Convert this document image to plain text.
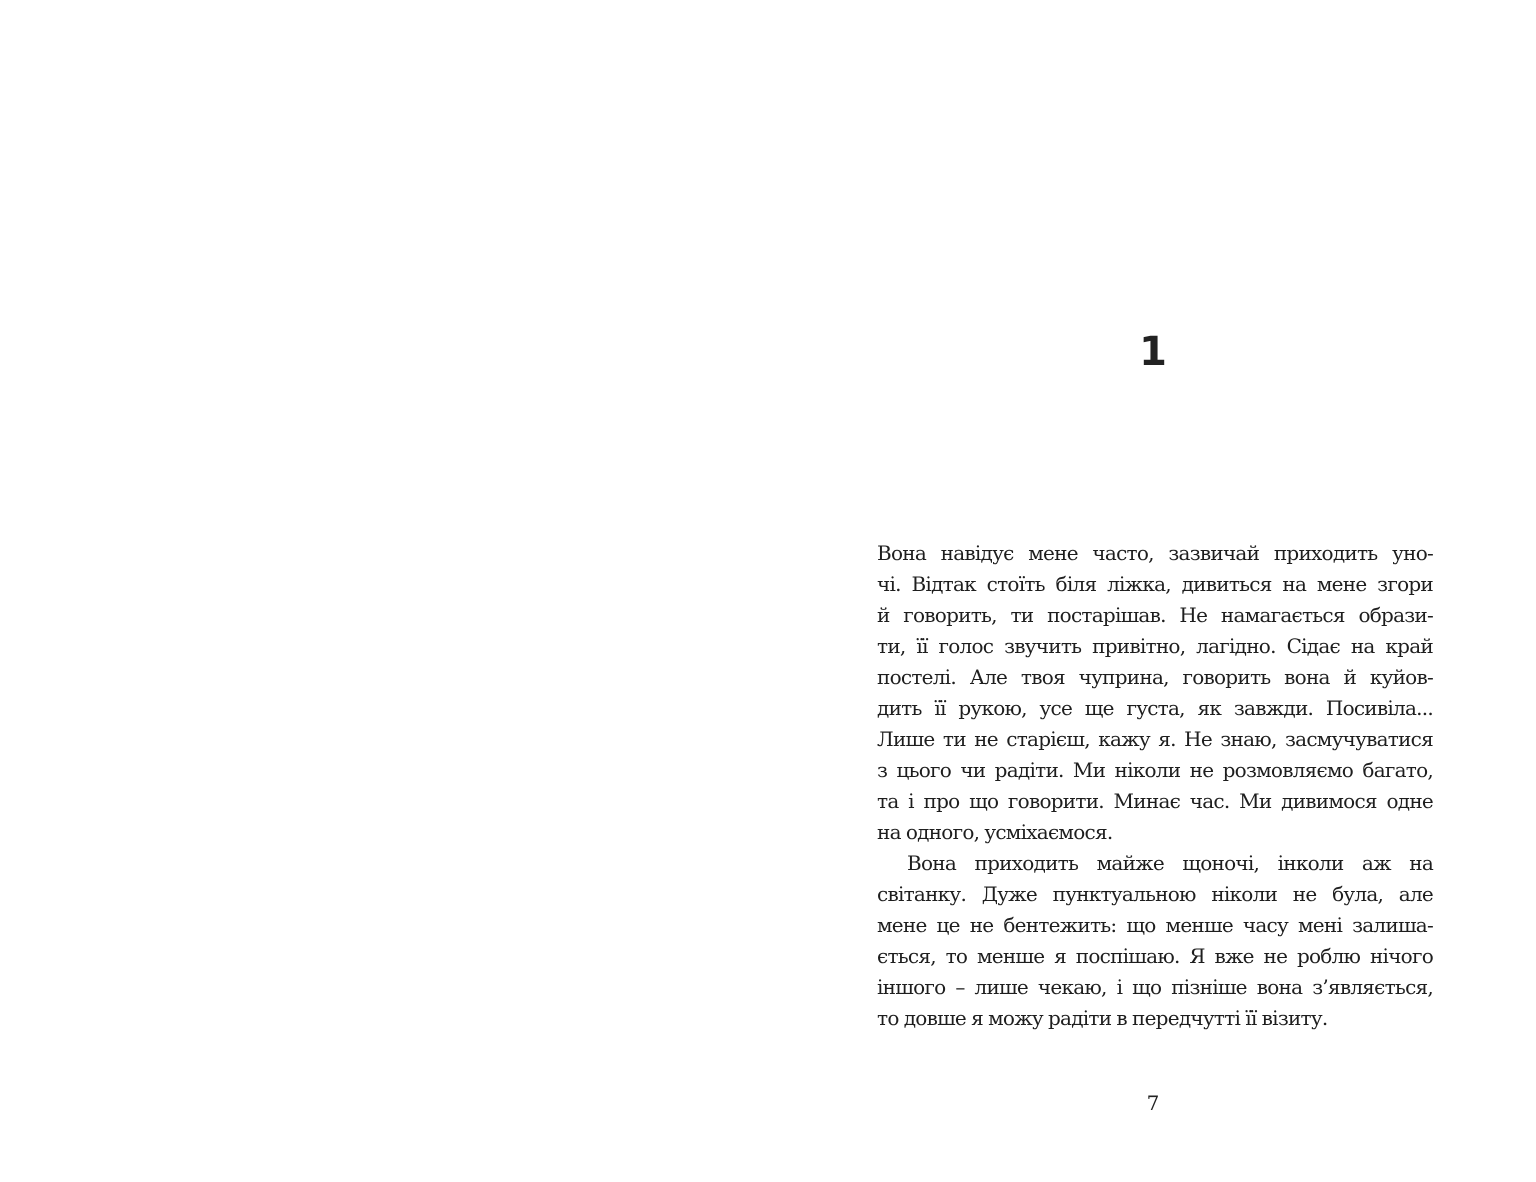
1
Вона навідує мене часто, зазвичай приходить уно-
чі. Відтак стоїть біля ліжка, дивиться на мене згори
й говорить, ти постарішав. Не намагається образи-
ти, її голос звучить привітно, лагідно. Сідає на край
постелі. Але твоя чуприна, говорить вона й куйов-
дить її рукою, усе ще густа, як завжди. Посивіла...
Лише ти не старієш, кажу я. Не знаю, засмучуватися
з цього чи радіти. Ми ніколи не розмовляємо багато,
та і про що говорити. Минає час. Ми дивимося одне
на одного, усміхаємося.
Вона приходить майже щоночі, інколи аж на
світанку. Дуже пунктуальною ніколи не була, але
мене це не бентежить: що менше часу мені залиша-
ється, то менше я поспішаю. Я вже не роблю нічого
іншого – лише чекаю, і що пізніше вона з’являється,
то довше я можу радіти в передчутті її візиту.
7
